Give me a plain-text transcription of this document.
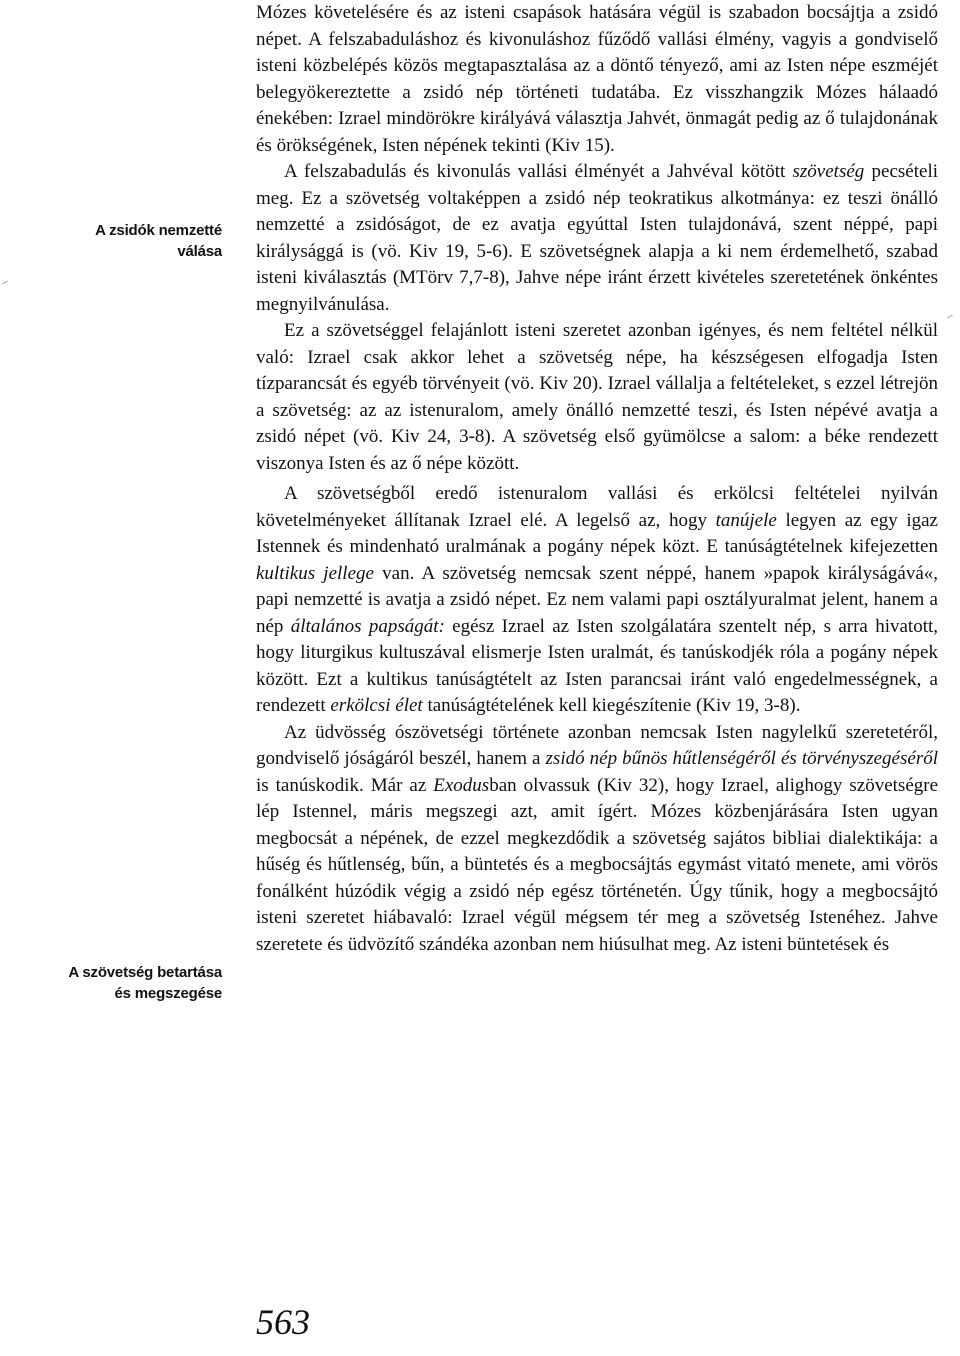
A zsidók nemzetté
válása
A szövetség betartása
és megszegése

Mózes követelésére és az isteni csapások hatására végül is szabadon bocsájtja a zsidó népet. A felszabaduláshoz és kivonuláshoz fűződő vallási élmény, vagyis a gondviselő isteni közbelépés közös megtapasztalása az a döntő tényező, ami az Isten népe eszméjét belegyökereztette a zsidó nép történeti tudatába. Ez visszhangzik Mózes hálaadó énekében: Izrael mindörökre királyává választja Jahvét, önmagát pedig az ő tulajdonának és örökségének, Isten népének tekinti (Kiv 15).

A felszabadulás és kivonulás vallási élményét a Jahvéval kötött szövetség pecsételi meg. Ez a szövetség voltaképpen a zsidó nép teokratikus alkotmánya: ez teszi önálló nemzetté a zsidóságot, de ez avatja egyúttal Isten tulajdonává, szent néppé, papi királysággá is (vö. Kiv 19, 5-6). E szövetségnek alapja a ki nem érdemelhető, szabad isteni kiválasztás (MTörv 7,7-8), Jahve népe iránt érzett kivételes szeretetének önkéntes megnyilvánulása.

Ez a szövetséggel felajánlott isteni szeretet azonban igényes, és nem feltétel nélkül való: Izrael csak akkor lehet a szövetség népe, ha készségesen elfogadja Isten tízparancsát és egyéb törvényeit (vö. Kiv 20). Izrael vállalja a feltételeket, s ezzel létrejön a szövetség: az az istenuralom, amely önálló nemzetté teszi, és Isten népévé avatja a zsidó népet (vö. Kiv 24, 3-8). A szövetség első gyümölcse a salom: a béke rendezett viszonya Isten és az ő népe között.

A szövetségből eredő istenuralom vallási és erkölcsi feltételei nyilván követelményeket állítanak Izrael elé. A legelső az, hogy tanújele legyen az egy igaz Istennek és mindenható uralmának a pogány népek közt. E tanúságtételnek kifejezetten kultikus jellege van. A szövetség nemcsak szent néppé, hanem »papok királyságává«, papi nemzetté is avatja a zsidó népet. Ez nem valami papi osztályuralmat jelent, hanem a nép általános papságát: egész Izrael az Isten szolgálatára szentelt nép, s arra hivatott, hogy liturgikus kultuszával elismerje Isten uralmát, és tanúskodjék róla a pogány népek között. Ezt a kultikus tanúságtételt az Isten parancsai iránt való engedelmességnek, a rendezett erkölcsi élet tanúságtételének kell kiegészítenie (Kiv 19, 3-8).

Az üdvösség ószövetségi története azonban nemcsak Isten nagylelkű szeretetéről, gondviselő jóságáról beszél, hanem a zsidó nép bűnös hűtlenségéről és törvényszegéséről is tanúskodik. Már az Exodusban olvassuk (Kiv 32), hogy Izrael, alighogy szövetségre lép Istennel, máris megszegi azt, amit ígért. Mózes közbenjárására Isten ugyan megbocsát a népének, de ezzel megkezdődik a szövetség sajátos bibliai dialektikája: a hűség és hűtlenség, bűn, a büntetés és a megbocsájtás egymást vitató menete, ami vörös fonálként húzódik végig a zsidó nép egész történetén. Úgy tűnik, hogy a megbocsájtó isteni szeretet hiábavaló: Izrael végül mégsem tér meg a szövetség Istenéhez. Jahve szeretete és üdvözítő szándéka azonban nem hiúsulhat meg. Az isteni büntetések és

563
